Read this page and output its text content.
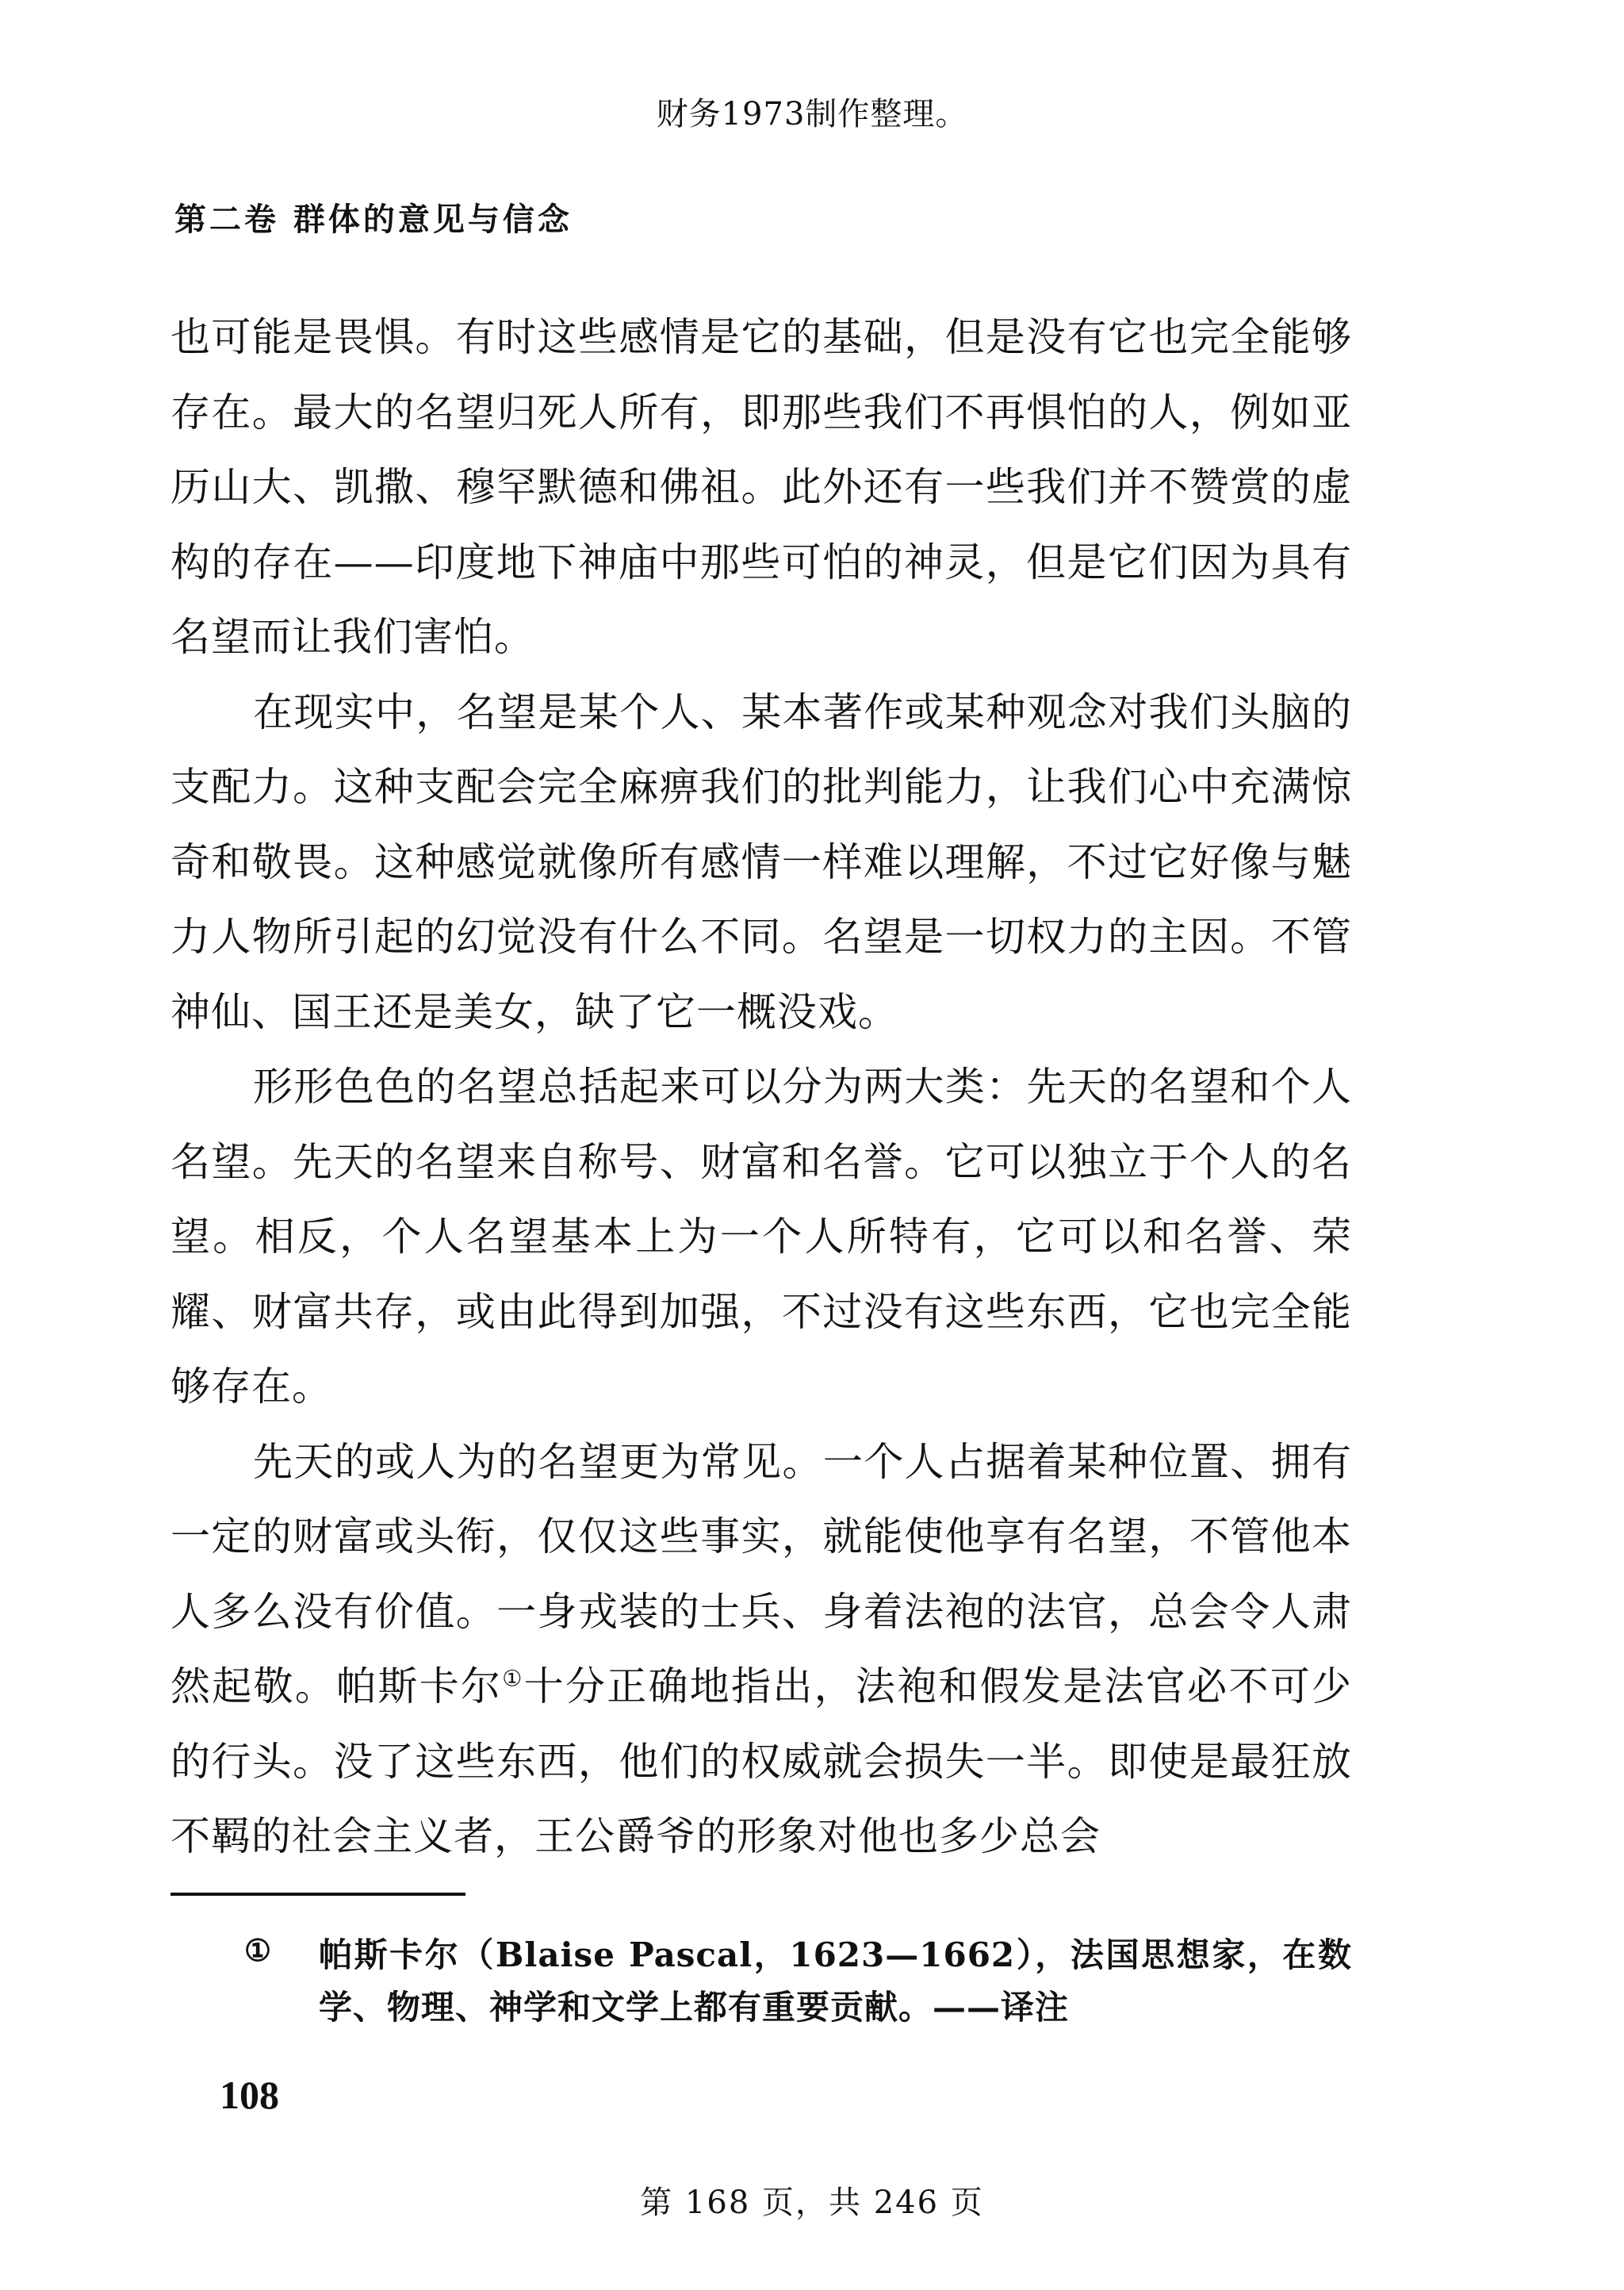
财务1973制作整理。
第二卷 群体的意见与信念

也可能是畏惧。有时这些感情是它的基础，但是没有它也完全能够存在。最大的名望归死人所有，即那些我们不再惧怕的人，例如亚历山大、凯撒、穆罕默德和佛祖。此外还有一些我们并不赞赏的虚构的存在——印度地下神庙中那些可怕的神灵，但是它们因为具有名望而让我们害怕。

在现实中，名望是某个人、某本著作或某种观念对我们头脑的支配力。这种支配会完全麻痹我们的批判能力，让我们心中充满惊奇和敬畏。这种感觉就像所有感情一样难以理解，不过它好像与魅力人物所引起的幻觉没有什么不同。名望是一切权力的主因。不管神仙、国王还是美女，缺了它一概没戏。

形形色色的名望总括起来可以分为两大类：先天的名望和个人名望。先天的名望来自称号、财富和名誉。它可以独立于个人的名望。相反，个人名望基本上为一个人所特有，它可以和名誉、荣耀、财富共存，或由此得到加强，不过没有这些东西，它也完全能够存在。

先天的或人为的名望更为常见。一个人占据着某种位置、拥有一定的财富或头衔，仅仅这些事实，就能使他享有名望，不管他本人多么没有价值。一身戎装的士兵、身着法袍的法官，总会令人肃然起敬。帕斯卡尔①十分正确地指出，法袍和假发是法官必不可少的行头。没了这些东西，他们的权威就会损失一半。即使是最狂放不羁的社会主义者，王公爵爷的形象对他也多少总会

① 帕斯卡尔（Blaise Pascal，1623—1662），法国思想家，在数学、物理、神学和文学上都有重要贡献。——译注
108
第 168 页，共 246 页
